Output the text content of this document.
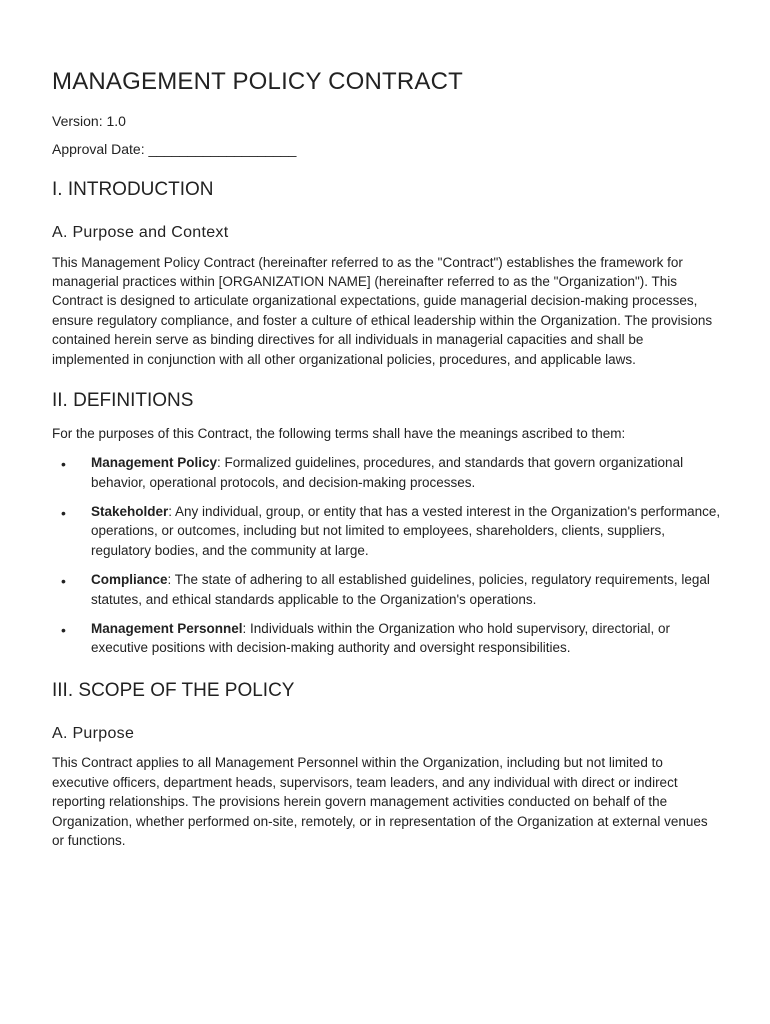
MANAGEMENT POLICY CONTRACT

Version: 1.0

Approval Date: ___________________

I. INTRODUCTION
A. Purpose and Context

This Management Policy Contract (hereinafter referred to as the "Contract") establishes the framework for managerial practices within [ORGANIZATION NAME] (hereinafter referred to as the "Organization"). This Contract is designed to articulate organizational expectations, guide managerial decision-making processes, ensure regulatory compliance, and foster a culture of ethical leadership within the Organization. The provisions contained herein serve as binding directives for all individuals in managerial capacities and shall be implemented in conjunction with all other organizational policies, procedures, and applicable laws.

II. DEFINITIONS

For the purposes of this Contract, the following terms shall have the meanings ascribed to them:

• Management Policy: Formalized guidelines, procedures, and standards that govern organizational behavior, operational protocols, and decision-making processes.
• Stakeholder: Any individual, group, or entity that has a vested interest in the Organization's performance, operations, or outcomes, including but not limited to employees, shareholders, clients, suppliers, regulatory bodies, and the community at large.
• Compliance: The state of adhering to all established guidelines, policies, regulatory requirements, legal statutes, and ethical standards applicable to the Organization's operations.
• Management Personnel: Individuals within the Organization who hold supervisory, directorial, or executive positions with decision-making authority and oversight responsibilities.
III. SCOPE OF THE POLICY
A. Purpose

This Contract applies to all Management Personnel within the Organization, including but not limited to executive officers, department heads, supervisors, team leaders, and any individual with direct or indirect reporting relationships. The provisions herein govern management activities conducted on behalf of the Organization, whether performed on-site, remotely, or in representation of the Organization at external venues or functions.
